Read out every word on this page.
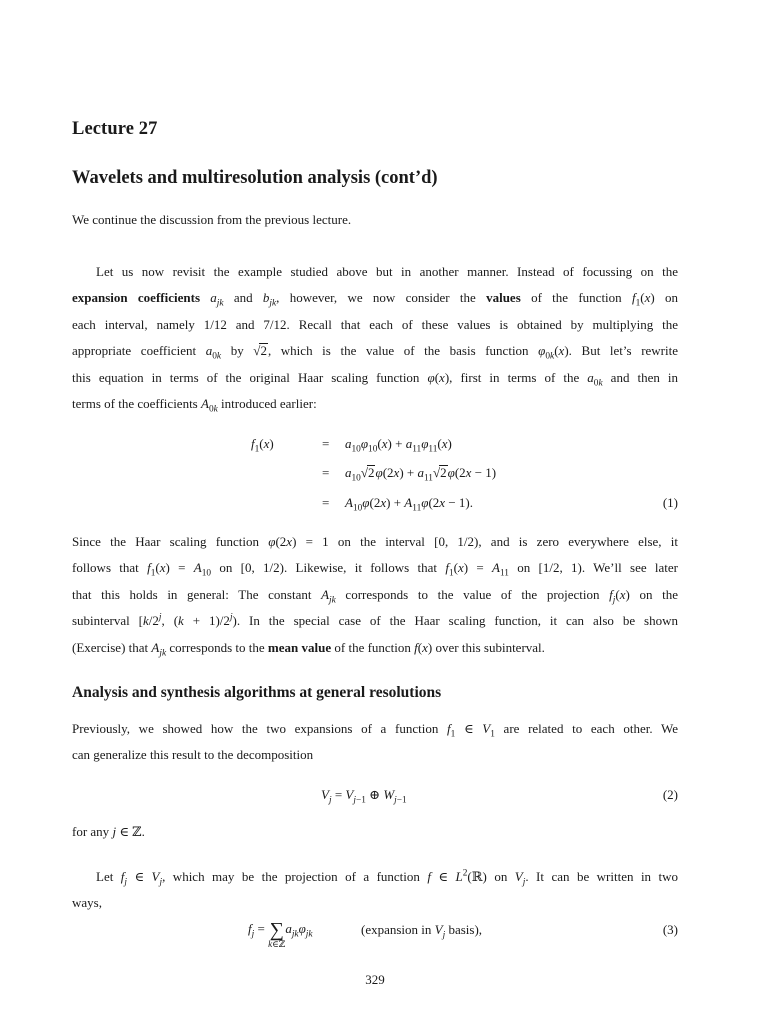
Lecture 27
Wavelets and multiresolution analysis (cont’d)
We continue the discussion from the previous lecture.
Let us now revisit the example studied above but in another manner. Instead of focussing on the
expansion coefficients $a_{jk}$ and $b_{jk}$, however, we now consider the values of the function $f_1(x)$ on
each interval, namely 1/12 and 7/12. Recall that each of these values is obtained by multiplying the
appropriate coefficient $a_{0k}$ by √2, which is the value of the basis function $\varphi_{0k}(x)$. But let’s rewrite
this equation in terms of the original Haar scaling function φ(x), first in terms of the $a_{0k}$ and then in
terms of the coefficients $A_{0k}$ introduced earlier:
$f_1(x)$	= $a_{10}\varphi_{10}(x) + a_{11}\varphi_{11}(x)$
= $a_{10}√2\varphi(2x) + a_{11}√2\varphi(2x - 1)$
= $A_{10}\varphi(2x) + A_{11}\varphi(2x - 1)$.	(1)
Since the Haar scaling function φ(2x) = 1 on the interval [0, 1/2), and is zero everywhere else, it
follows that $f_1(x) = A_{10}$ on [0, 1/2). Likewise, it follows that $f_1(x) = A_{11}$ on [1/2, 1). We’ll see later
that this holds in general: The constant $A_{jk}$ corresponds to the value of the projection $f_j(x)$ on the
subinterval [k/2$^j$, $(k + 1)/2^j$). In the special case of the Haar scaling function, it can also be shown
(Exercise) that $A_{jk}$ corresponds to the mean value of the function f(x) over this subinterval.
Analysis and synthesis algorithms at general resolutions
Previously, we showed how the two expansions of a function $f_1$ ∈ $V_1$ are related to each other. We
can generalize this result to the decomposition
$V_j = V_{j-1}$ ⊕ $W_{j-1}$	(2)
for any j ∈ ℤ.
Let $f_j$ ∈ $V_j$, which may be the projection of a function f ∈ $L^2(ℝ)$ on $V_j$. It can be written in two
ways,
$f_j$ = ∑
k∈ℤ
$a_{jk}\varphi_{jk}$	(expansion in $V_j$ basis),	(3)
329
